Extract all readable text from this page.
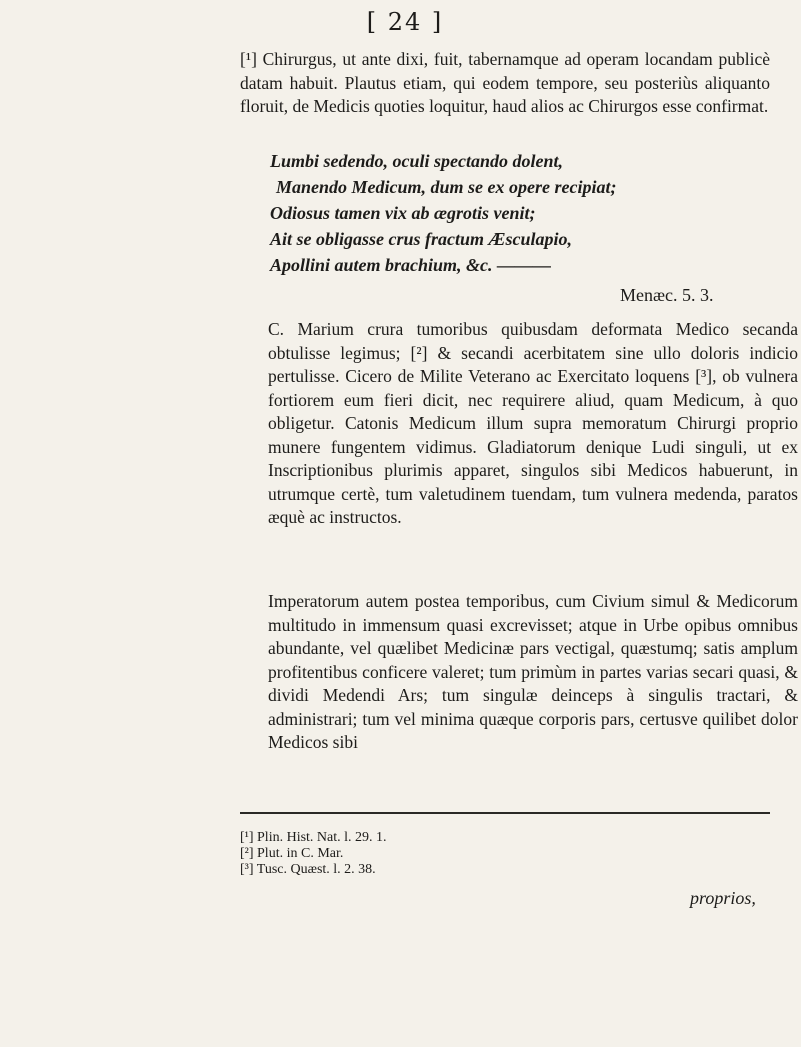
[ 24 ]
[¹] Chirurgus, ut ante dixi, fuit, tabernamque ad operam locandam publicè datam habuit. Plautus etiam, qui eodem tempore, seu posteriùs aliquanto floruit, de Medicis quoties loquitur, haud alios ac Chirurgos esse confirmat.
Lumbi sedendo, oculi spectando dolent,
Manendo Medicum, dum se ex opere recipiat;
Odiosus tamen vix ab ægrotis venit;
Ait se obligasse crus fractum Æsculapio,
Apollini autem brachium, &c. ———
Menæc. 5. 3.
C. Marium crura tumoribus quibusdam deformata Medico secanda obtulisse legimus; [²] & secandi acerbitatem sine ullo doloris indicio pertulisse. Cicero de Milite Veterano ac Exercitato loquens [³], ob vulnera fortiorem eum fieri dicit, nec requirere aliud, quam Medicum, à quo obligetur. Catonis Medicum illum supra memoratum Chirurgi proprio munere fungentem vidimus. Gladiatorum denique Ludi singuli, ut ex Inscriptionibus plurimis apparet, singulos sibi Medicos habuerunt, in utrumque certè, tum valetudinem tuendam, tum vulnera medenda, paratos æquè ac instructos.
Imperatorum autem postea temporibus, cum Civium simul & Medicorum multitudo in immensum quasi excrevisset; atque in Urbe opibus omnibus abundante, vel quælibet Medicinæ pars vectigal, quæstumq; satis amplum profitentibus conficere valeret; tum primùm in partes varias secari quasi, & dividi Medendi Ars; tum singulæ deinceps à singulis tractari, & administrari; tum vel minima quæque corporis pars, certusve quilibet dolor Medicos sibi
[¹] Plin. Hist. Nat. l. 29. 1.
[²] Plut. in C. Mar.
[³] Tusc. Quæst. l. 2. 38.
proprios,
